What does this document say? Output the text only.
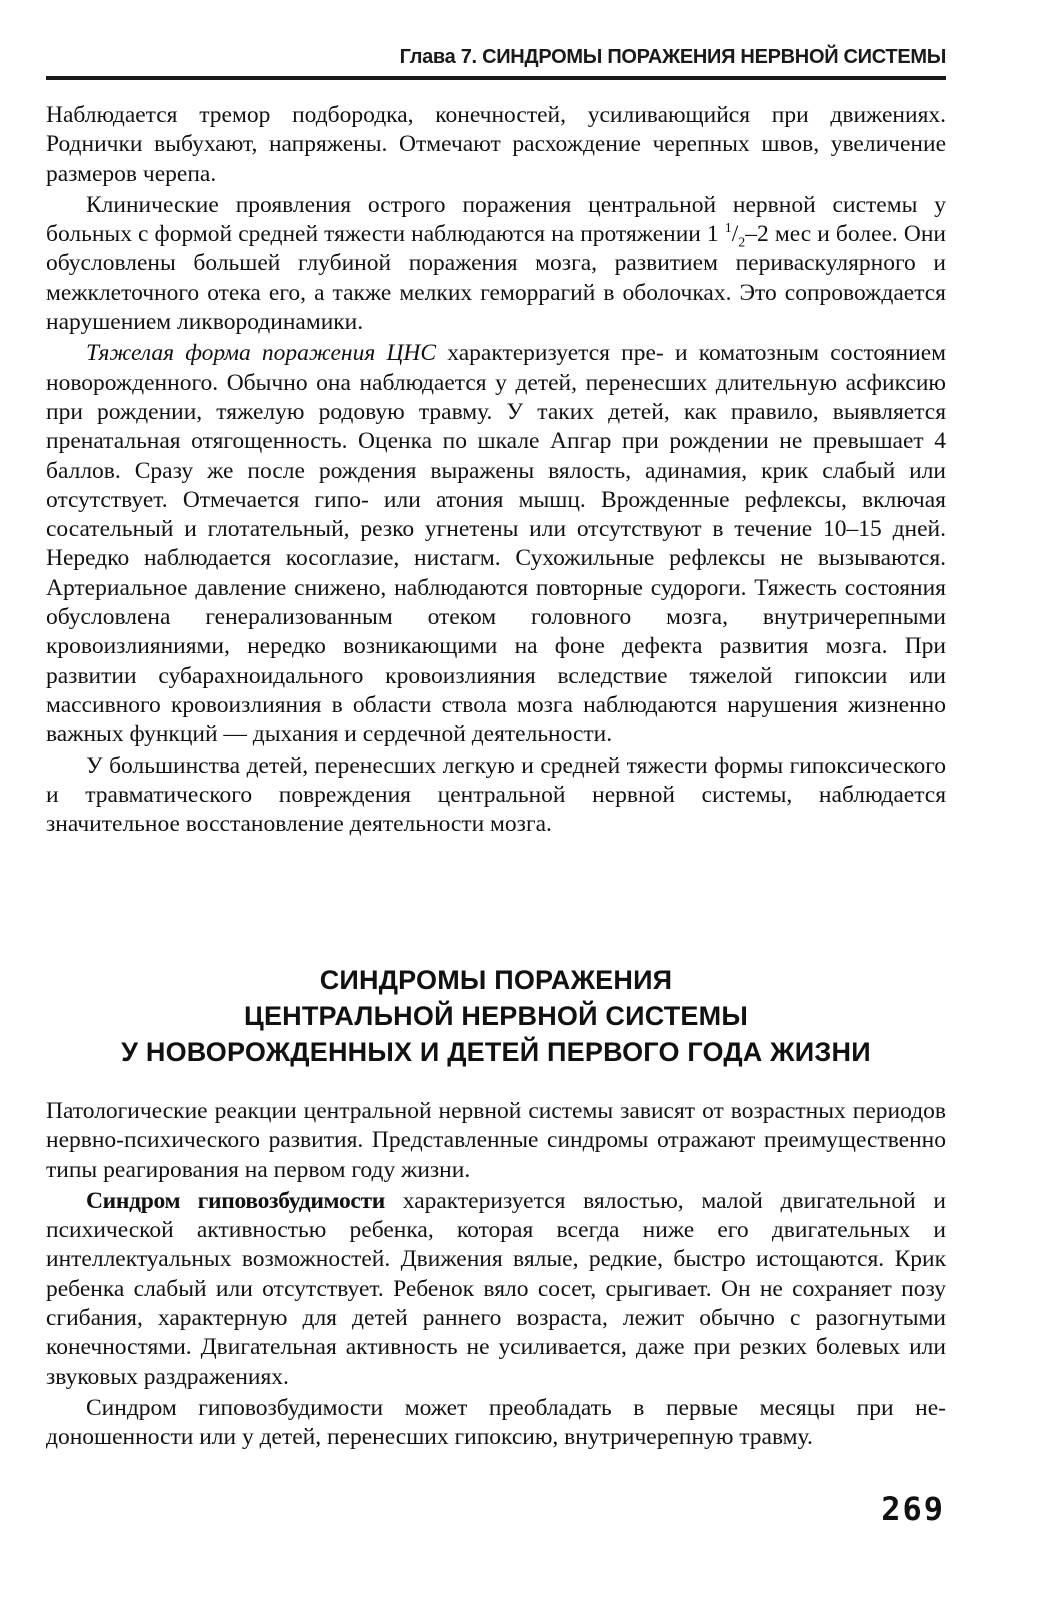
Глава 7. СИНДРОМЫ ПОРАЖЕНИЯ НЕРВНОЙ СИСТЕМЫ

Наблюдается тремор подбородка, конечностей, усиливающийся при движениях. Роднички выбухают, напряжены. Отмечают расхождение черепных швов, увеличение размеров черепа.

Клинические проявления острого поражения центральной нервной системы у больных с формой средней тяжести наблюдаются на протяжении 1 $^1/_2-2$ мес и более. Они обусловлены большей глубиной поражения мозга, развитием периваскулярного и межклеточного отека его, а также мелких геморрагий в оболочках. Это сопровождается нарушением ликвородинамики.

Тяжелая форма поражения ЦНС характеризуется пре- и коматозным состоянием новорожденного. Обычно она наблюдается у детей, перенесших длительную асфиксию при рождении, тяжелую родовую травму. У таких детей, как правило, выявляется пренатальная отягощенность. Оценка по шкале Апгар при рождении не превышает 4 баллов. Сразу же после рождения выражены вялость, адинамия, крик слабый или отсутствует. Отмечается гипо- или атония мышц. Врожденные рефлексы, включая сосательный и глотательный, резко угнетены или отсутствуют в течение 10–15 дней. Нередко наблюдается косоглазие, нистагм. Сухожильные рефлексы не вызываются. Артериальное давление снижено, наблюдаются повторные судороги. Тяжесть состояния обусловлена генерализованным отеком головного мозга, внутричерепными кровоизлияниями, нередко возникающими на фоне дефекта развития мозга. При развитии субарахноидального кровоизлияния вследствие тяжелой гипоксии или массивного кровоизлияния в области ствола мозга наблюдаются нарушения жизненно важных функций — дыхания и сердечной деятельности.

У большинства детей, перенесших легкую и средней тяжести формы гипоксического и травматического повреждения центральной нервной системы, наблюдается значительное восстановление деятельности мозга.

СИНДРОМЫ ПОРАЖЕНИЯ
ЦЕНТРАЛЬНОЙ НЕРВНОЙ СИСТЕМЫ
У НОВОРОЖДЕННЫХ И ДЕТЕЙ ПЕРВОГО ГОДА ЖИЗНИ

Патологические реакции центральной нервной системы зависят от возрастных периодов нервно-психического развития. Представленные синдромы отражают преимущественно типы реагирования на первом году жизни.

Синдром гиповозбудимости характеризуется вялостью, малой двигательной и психической активностью ребенка, которая всегда ниже его двигательных и интеллектуальных возможностей. Движения вялые, редкие, быстро истощаются. Крик ребенка слабый или отсутствует. Ребенок вяло сосет, срыгивает. Он не сохраняет позу сгибания, характерную для детей раннего возраста, лежит обычно с разогнутыми конечностями. Двигательная активность не усиливается, даже при резких болевых или звуковых раздражениях.

Синдром гиповозбудимости может преобладать в первые месяцы при недоношенности или у детей, перенесших гипоксию, внутричерепную травму.

269
